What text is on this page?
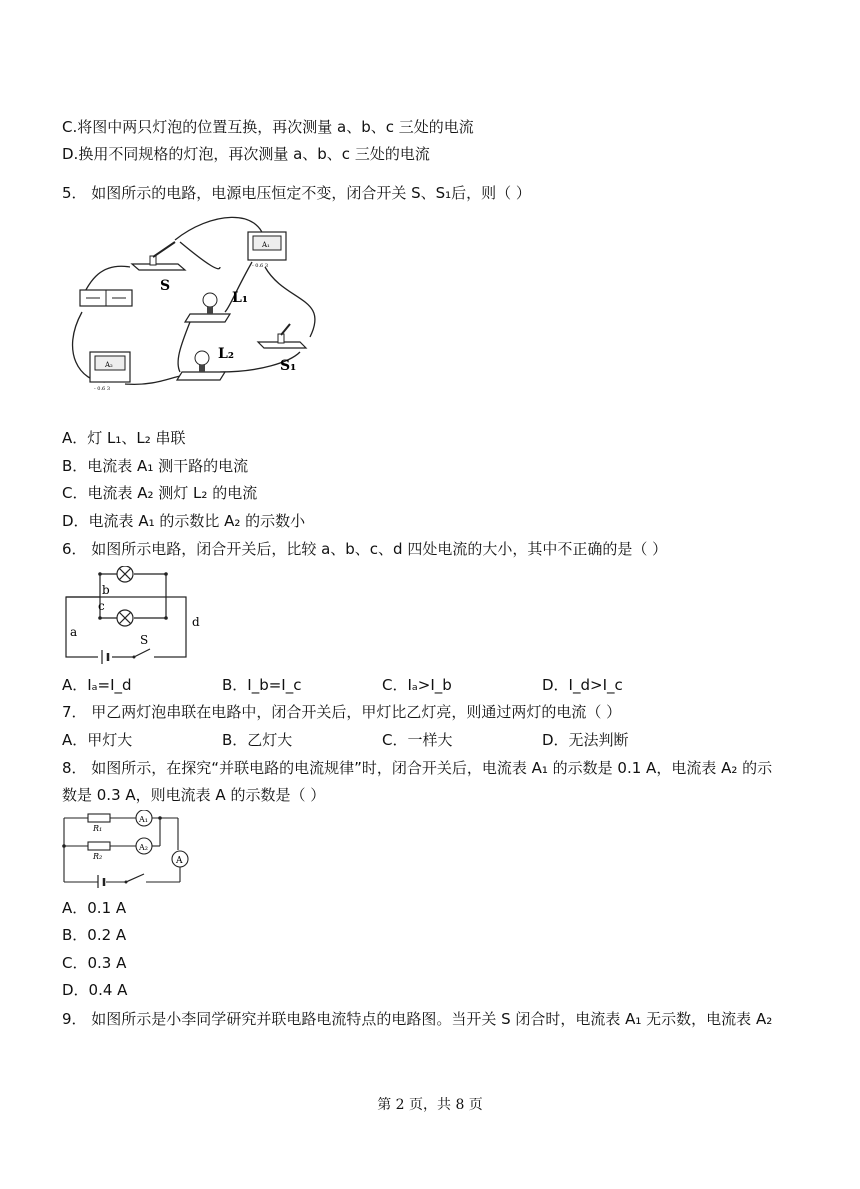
C.将图中两只灯泡的位置互换，再次测量 a、b、c 三处的电流
D.换用不同规格的灯泡，再次测量 a、b、c 三处的电流
5． 如图所示的电路，电源电压恒定不变，闭合开关 S、S₁后，则（ ）
S
A₁
- 0.6 3
L₁
S₁
L₂
A₂
- 0.6 3
A．灯 L₁、L₂ 串联
B．电流表 A₁ 测干路的电流
C．电流表 A₂ 测灯 L₂ 的电流
D．电流表 A₁ 的示数比 A₂ 的示数小
6． 如图所示电路，闭合开关后，比较 a、b、c、d 四处电流的大小，其中不正确的是（ ）
a
b
c
d
S
A．Iₐ=I_d	B．I_b=I_c	C．Iₐ>I_b	D．I_d>I_c
7． 甲乙两灯泡串联在电路中，闭合开关后，甲灯比乙灯亮，则通过两灯的电流（ ）
A．甲灯大	B．乙灯大	C．一样大	D．无法判断
8． 如图所示，在探究“并联电路的电流规律”时，闭合开关后，电流表 A₁ 的示数是 0.1 A，电流表 A₂ 的示
数是 0.3 A，则电流表 A 的示数是（ ）
R₁
R₂
A₁
A₂
A
A．0.1 A
B．0.2 A
C．0.3 A
D．0.4 A
9． 如图所示是小李同学研究并联电路电流特点的电路图。当开关 S 闭合时，电流表 A₁ 无示数，电流表 A₂
第 2 页，共 8 页
